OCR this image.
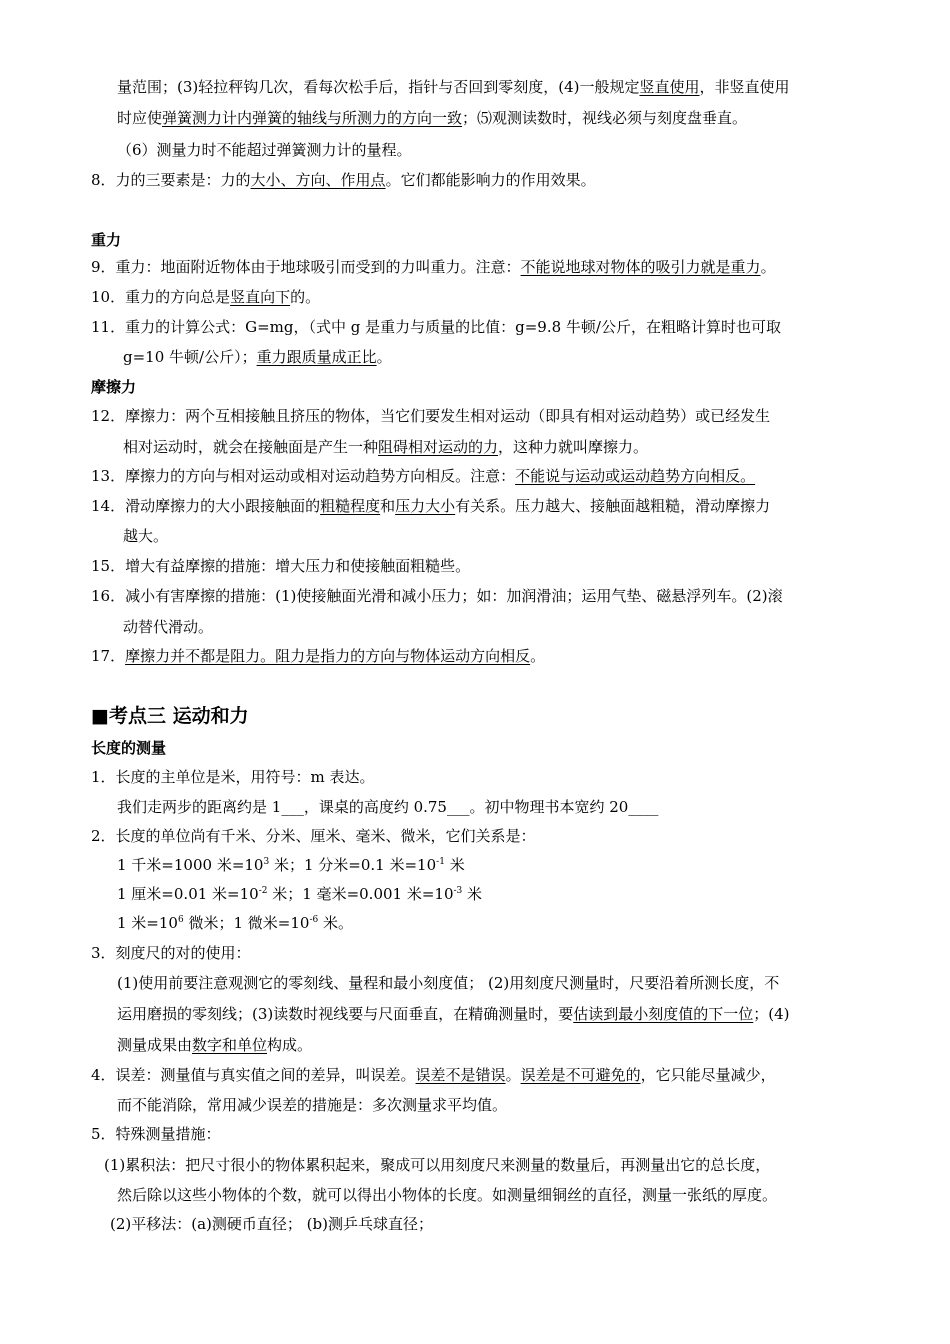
量范围；(3)轻拉秤钩几次，看每次松手后，指针与否回到零刻度，(4)一般规定竖直使用，非竖直使用
时应使弹簧测力计内弹簧的轴线与所测力的方向一致；⑸观测读数时，视线必须与刻度盘垂直。
（6）测量力时不能超过弹簧测力计的量程。
8．力的三要素是：力的大小、方向、作用点。它们都能影响力的作用效果。
重力
9．重力：地面附近物体由于地球吸引而受到的力叫重力。注意：不能说地球对物体的吸引力就是重力。
10．重力的方向总是竖直向下的。
11．重力的计算公式：G=mg，（式中 g 是重力与质量的比值：g=9.8 牛顿/公斤，在粗略计算时也可取
g=10 牛顿/公斤）；重力跟质量成正比。
摩擦力
12．摩擦力：两个互相接触且挤压的物体，当它们要发生相对运动（即具有相对运动趋势）或已经发生
相对运动时，就会在接触面是产生一种阻碍相对运动的力，这种力就叫摩擦力。
13．摩擦力的方向与相对运动或相对运动趋势方向相反。注意：不能说与运动或运动趋势方向相反。
14．滑动摩擦力的大小跟接触面的粗糙程度和压力大小有关系。压力越大、接触面越粗糙，滑动摩擦力
越大。
15．增大有益摩擦的措施：增大压力和使接触面粗糙些。
16．减小有害摩擦的措施：(1)使接触面光滑和减小压力；如：加润滑油；运用气垫、磁悬浮列车。(2)滚
动替代滑动。
17．摩擦力并不都是阻力。阻力是指力的方向与物体运动方向相反。
■考点三 运动和力
长度的测量
1．长度的主单位是米，用符号：m 表达。
我们走两步的距离约是 1___，课桌的高度约 0.75___。初中物理书本宽约 20____
2．长度的单位尚有千米、分米、厘米、毫米、微米，它们关系是：
1 千米=1000 米$=10^3$ 米；1 分米=0.1 米$=10^{-1}$ 米
1 厘米=0.01 米$=10^{-2}$ 米；1 毫米=0.001 米$=10^{-3}$ 米
1 米$=10^6$ 微米；1 微米$=10^{-6}$ 米。
3．刻度尺的对的使用：
(1)使用前要注意观测它的零刻线、量程和最小刻度值； (2)用刻度尺测量时，尺要沿着所测长度，不
运用磨损的零刻线；(3)读数时视线要与尺面垂直，在精确测量时，要估读到最小刻度值的下一位；(4)
测量成果由数字和单位构成。
4．误差：测量值与真实值之间的差异，叫误差。误差不是错误。误差是不可避免的，它只能尽量减少，
而不能消除，常用减少误差的措施是：多次测量求平均值。
5．特殊测量措施：
(1)累积法：把尺寸很小的物体累积起来，聚成可以用刻度尺来测量的数量后，再测量出它的总长度，
然后除以这些小物体的个数，就可以得出小物体的长度。如测量细铜丝的直径，测量一张纸的厚度。
(2)平移法：(a)测硬币直径； (b)测乒乓球直径；
